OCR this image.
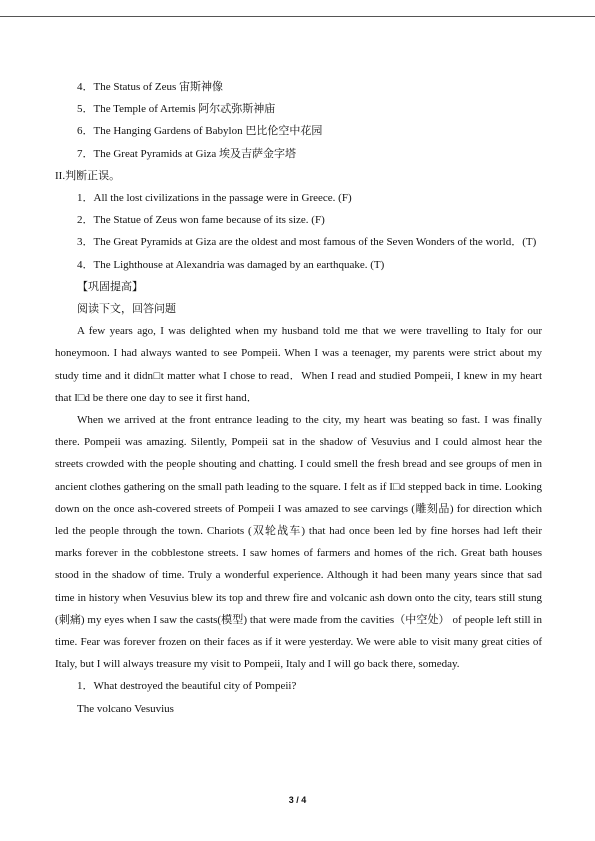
4．The Status of Zeus 宙斯神像

5．The Temple of Artemis 阿尔忒弥斯神庙

6．The Hanging Gardens of Babylon 巴比伦空中花园

7．The Great Pyramids at Giza 埃及吉萨金字塔

II.判断正误。

1．All the lost civilizations in the passage were in Greece. (F)

2．The Statue of Zeus won fame because of its size. (F)

3．The Great Pyramids at Giza are the oldest and most famous of the Seven Wonders of the world．(T)

4．The Lighthouse at Alexandria was damaged by an earthquake. (T)

【巩固提高】

阅读下文，回答问题

A few years ago, I was delighted when my husband told me that we were travelling to Italy for our honeymoon. I had always wanted to see Pompeii. When I was a teenager, my parents were strict about my study time and it didn□t matter what I chose to read．When I read and studied Pompeii, I knew in my heart that I□d be there one day to see it first hand．

When we arrived at the front entrance leading to the city, my heart was beating so fast. I was finally there. Pompeii was amazing. Silently, Pompeii sat in the shadow of Vesuvius and I could almost hear the streets crowded with the people shouting and chatting. I could smell the fresh bread and see groups of men in ancient clothes gathering on the small path leading to the square. I felt as if I□d stepped back in time. Looking down on the once ash-covered streets of Pompeii I was amazed to see carvings (雕刻品) for direction which led the people through the town. Chariots (双轮战车) that had once been led by fine horses had left their marks forever in the cobblestone streets. I saw homes of farmers and homes of the rich. Great bath houses stood in the shadow of time. Truly a wonderful experience. Although it had been many years since that sad time in history when Vesuvius blew its top and threw fire and volcanic ash down onto the city, tears still stung (刺痛) my eyes when I saw the casts(模型) that were made from the cavities（中空处） of people left still in time. Fear was forever frozen on their faces as if it were yesterday. We were able to visit many great cities of Italy, but I will always treasure my visit to Pompeii, Italy and I will go back there, someday.

1．What destroyed the beautiful city of Pompeii?

The volcano Vesuvius

3 / 4
